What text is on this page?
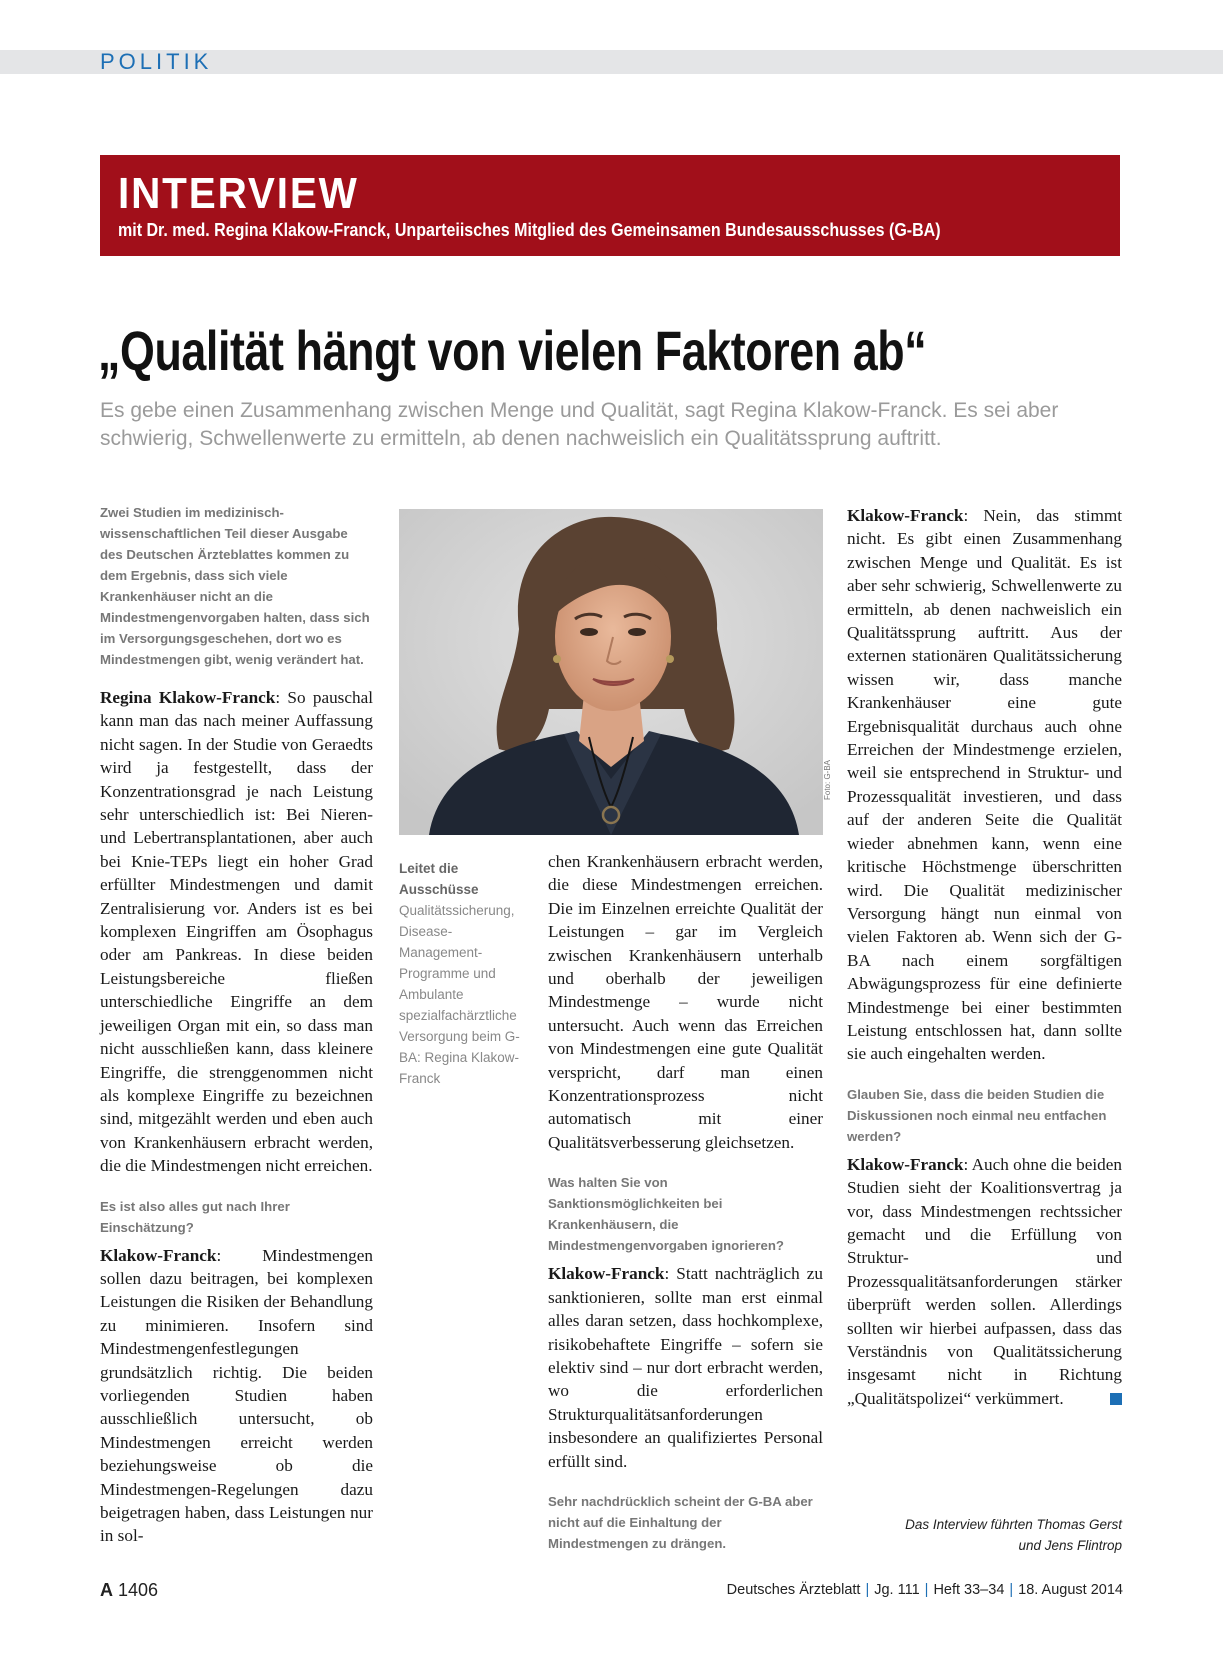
POLITIK
INTERVIEW
mit Dr. med. Regina Klakow-Franck, Unparteiisches Mitglied des Gemeinsamen Bundesausschusses (G-BA)
„Qualität hängt von vielen Faktoren ab“
Es gebe einen Zusammenhang zwischen Menge und Qualität, sagt Regina Klakow-Franck. Es sei aber schwierig, Schwellenwerte zu ermitteln, ab denen nachweislich ein Qualitätssprung auftritt.

Zwei Studien im medizinisch-wissenschaftlichen Teil dieser Ausgabe des Deutschen Ärzteblattes kommen zu dem Ergebnis, dass sich viele Krankenhäuser nicht an die Mindestmengenvorgaben halten, dass sich im Versorgungsgeschehen, dort wo es Mindestmengen gibt, wenig verändert hat.

Regina Klakow-Franck: So pauschal kann man das nach meiner Auffassung nicht sagen. In der Studie von Geraedts wird ja festgestellt, dass der Konzentrationsgrad je nach Leistung sehr unterschiedlich ist: Bei Nieren- und Lebertransplantationen, aber auch bei Knie-TEPs liegt ein hoher Grad erfüllter Mindestmengen und damit Zentralisierung vor. Anders ist es bei komplexen Eingriffen am Ösophagus oder am Pankreas. In diese beiden Leistungsbereiche fließen unterschiedliche Eingriffe an dem jeweiligen Organ mit ein, so dass man nicht ausschließen kann, dass kleinere Eingriffe, die strenggenommen nicht als komplexe Eingriffe zu bezeichnen sind, mitgezählt werden und eben auch von Krankenhäusern erbracht werden, die die Mindestmengen nicht erreichen.

Es ist also alles gut nach Ihrer Einschätzung?

Klakow-Franck: Mindestmengen sollen dazu beitragen, bei komplexen Leistungen die Risiken der Behandlung zu minimieren. Insofern sind Mindestmengenfestlegungen grundsätzlich richtig. Die beiden vorliegenden Studien haben ausschließlich untersucht, ob Mindestmengen erreicht werden beziehungsweise ob die Mindestmengen-Regelungen dazu beigetragen haben, dass Leistungen nur in sol-

Foto: G-BA
Leitet die Ausschüsse Qualitätssicherung, Disease-Management-Programme und Ambulante spezialfachärztliche Versorgung beim G-BA: Regina Klakow-Franck

chen Krankenhäusern erbracht werden, die diese Mindestmengen erreichen. Die im Einzelnen erreichte Qualität der Leistungen – gar im Vergleich zwischen Krankenhäusern unterhalb und oberhalb der jeweiligen Mindestmenge – wurde nicht untersucht. Auch wenn das Erreichen von Mindestmengen eine gute Qualität verspricht, darf man einen Konzentrationsprozess nicht automatisch mit einer Qualitätsverbesserung gleichsetzen.

Was halten Sie von Sanktionsmöglichkeiten bei Krankenhäusern, die Mindestmengenvorgaben ignorieren?

Klakow-Franck: Statt nachträglich zu sanktionieren, sollte man erst einmal alles daran setzen, dass hochkomplexe, risikobehaftete Eingriffe – sofern sie elektiv sind – nur dort erbracht werden, wo die erforderlichen Strukturqualitätsanforderungen insbesondere an qualifiziertes Personal erfüllt sind.

Sehr nachdrücklich scheint der G-BA aber nicht auf die Einhaltung der Mindestmengen zu drängen.

Klakow-Franck: Nein, das stimmt nicht. Es gibt einen Zusammenhang zwischen Menge und Qualität. Es ist aber sehr schwierig, Schwellenwerte zu ermitteln, ab denen nachweislich ein Qualitätssprung auftritt. Aus der externen stationären Qualitätssicherung wissen wir, dass manche Krankenhäuser eine gute Ergebnisqualität durchaus auch ohne Erreichen der Mindestmenge erzielen, weil sie entsprechend in Struktur- und Prozessqualität investieren, und dass auf der anderen Seite die Qualität wieder abnehmen kann, wenn eine kritische Höchstmenge überschritten wird. Die Qualität medizinischer Versorgung hängt nun einmal von vielen Faktoren ab. Wenn sich der G-BA nach einem sorgfältigen Abwägungsprozess für eine definierte Mindestmenge bei einer bestimmten Leistung entschlossen hat, dann sollte sie auch eingehalten werden.

Glauben Sie, dass die beiden Studien die Diskussionen noch einmal neu entfachen werden?

Klakow-Franck: Auch ohne die beiden Studien sieht der Koalitionsvertrag ja vor, dass Mindestmengen rechtssicher gemacht und die Erfüllung von Struktur- und Prozessqualitätsanforderungen stärker überprüft werden sollen. Allerdings sollten wir hierbei aufpassen, dass das Verständnis von Qualitätssicherung insgesamt nicht in Richtung „Qualitätspolizei“ verkümmert.

Das Interview führten Thomas Gerst
und Jens Flintrop
A 1406	Deutsches Ärzteblatt | Jg. 111 | Heft 33–34 | 18. August 2014
